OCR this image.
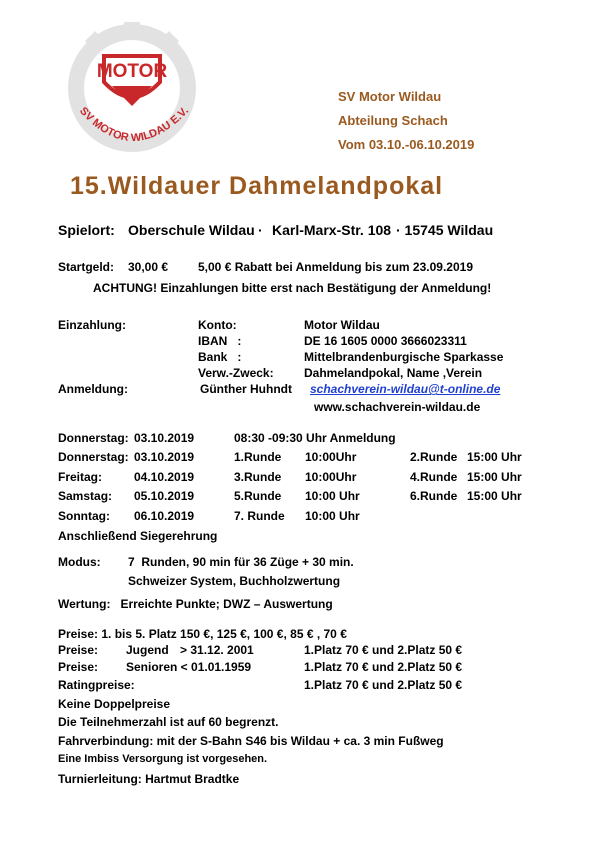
MOTOR
SV MOTOR WILDAU E.V.
SV Motor Wildau
Abteilung Schach
Vom 03.10.-06.10.2019
15.Wildauer Dahmelandpokal
Spielort: Oberschule Wildau · Karl-Marx-Str. 108 · 15745 Wildau
Startgeld: 30,00 € 5,00 € Rabatt bei Anmeldung bis zum 23.09.2019
ACHTUNG! Einzahlungen bitte erst nach Bestätigung der Anmeldung!
Einzahlung:	Konto:	Motor Wildau
IBAN   :	DE 16 1605 0000 3666023311
Bank   :	Mittelbrandenburgische Sparkasse
Verw.-Zweck:	Dahmelandpokal, Name ,Verein
Anmeldung:	Günther Huhndt schachverein-wildau@t-online.de
www.schachverein-wildau.de
Donnerstag: 03.10.2019	08:30 -09:30 Uhr Anmeldung
Donnerstag: 03.10.2019	1.Runde 10:00Uhr	2.Runde 15:00 Uhr
Freitag:	04.10.2019	3.Runde 10:00Uhr	4.Runde 15:00 Uhr
Samstag: 05.10.2019	5.Runde 10:00 Uhr	6.Runde 15:00 Uhr
Sonntag: 06.10.2019	7. Runde 10:00 Uhr
Anschließend Siegerehrung
Modus: 7  Runden, 90 min für 36 Züge + 30 min.
Schweizer System, Buchholzwertung
Wertung:   Erreichte Punkte; DWZ – Auswertung
Preise: 1. bis 5. Platz 150 €, 125 €, 100 €, 85 € , 70 €
Preise: Jugend > 31.12. 2001	1.Platz 70 € und 2.Platz 50 €
Preise: Senioren < 01.01.1959	1.Platz 70 € und 2.Platz 50 €
Ratingpreise:	1.Platz 70 € und 2.Platz 50 €
Keine Doppelpreise
Die Teilnehmerzahl ist auf 60 begrenzt.
Fahrverbindung: mit der S-Bahn S46 bis Wildau + ca. 3 min Fußweg
Eine Imbiss Versorgung ist vorgesehen.
Turnierleitung: Hartmut Bradtke
